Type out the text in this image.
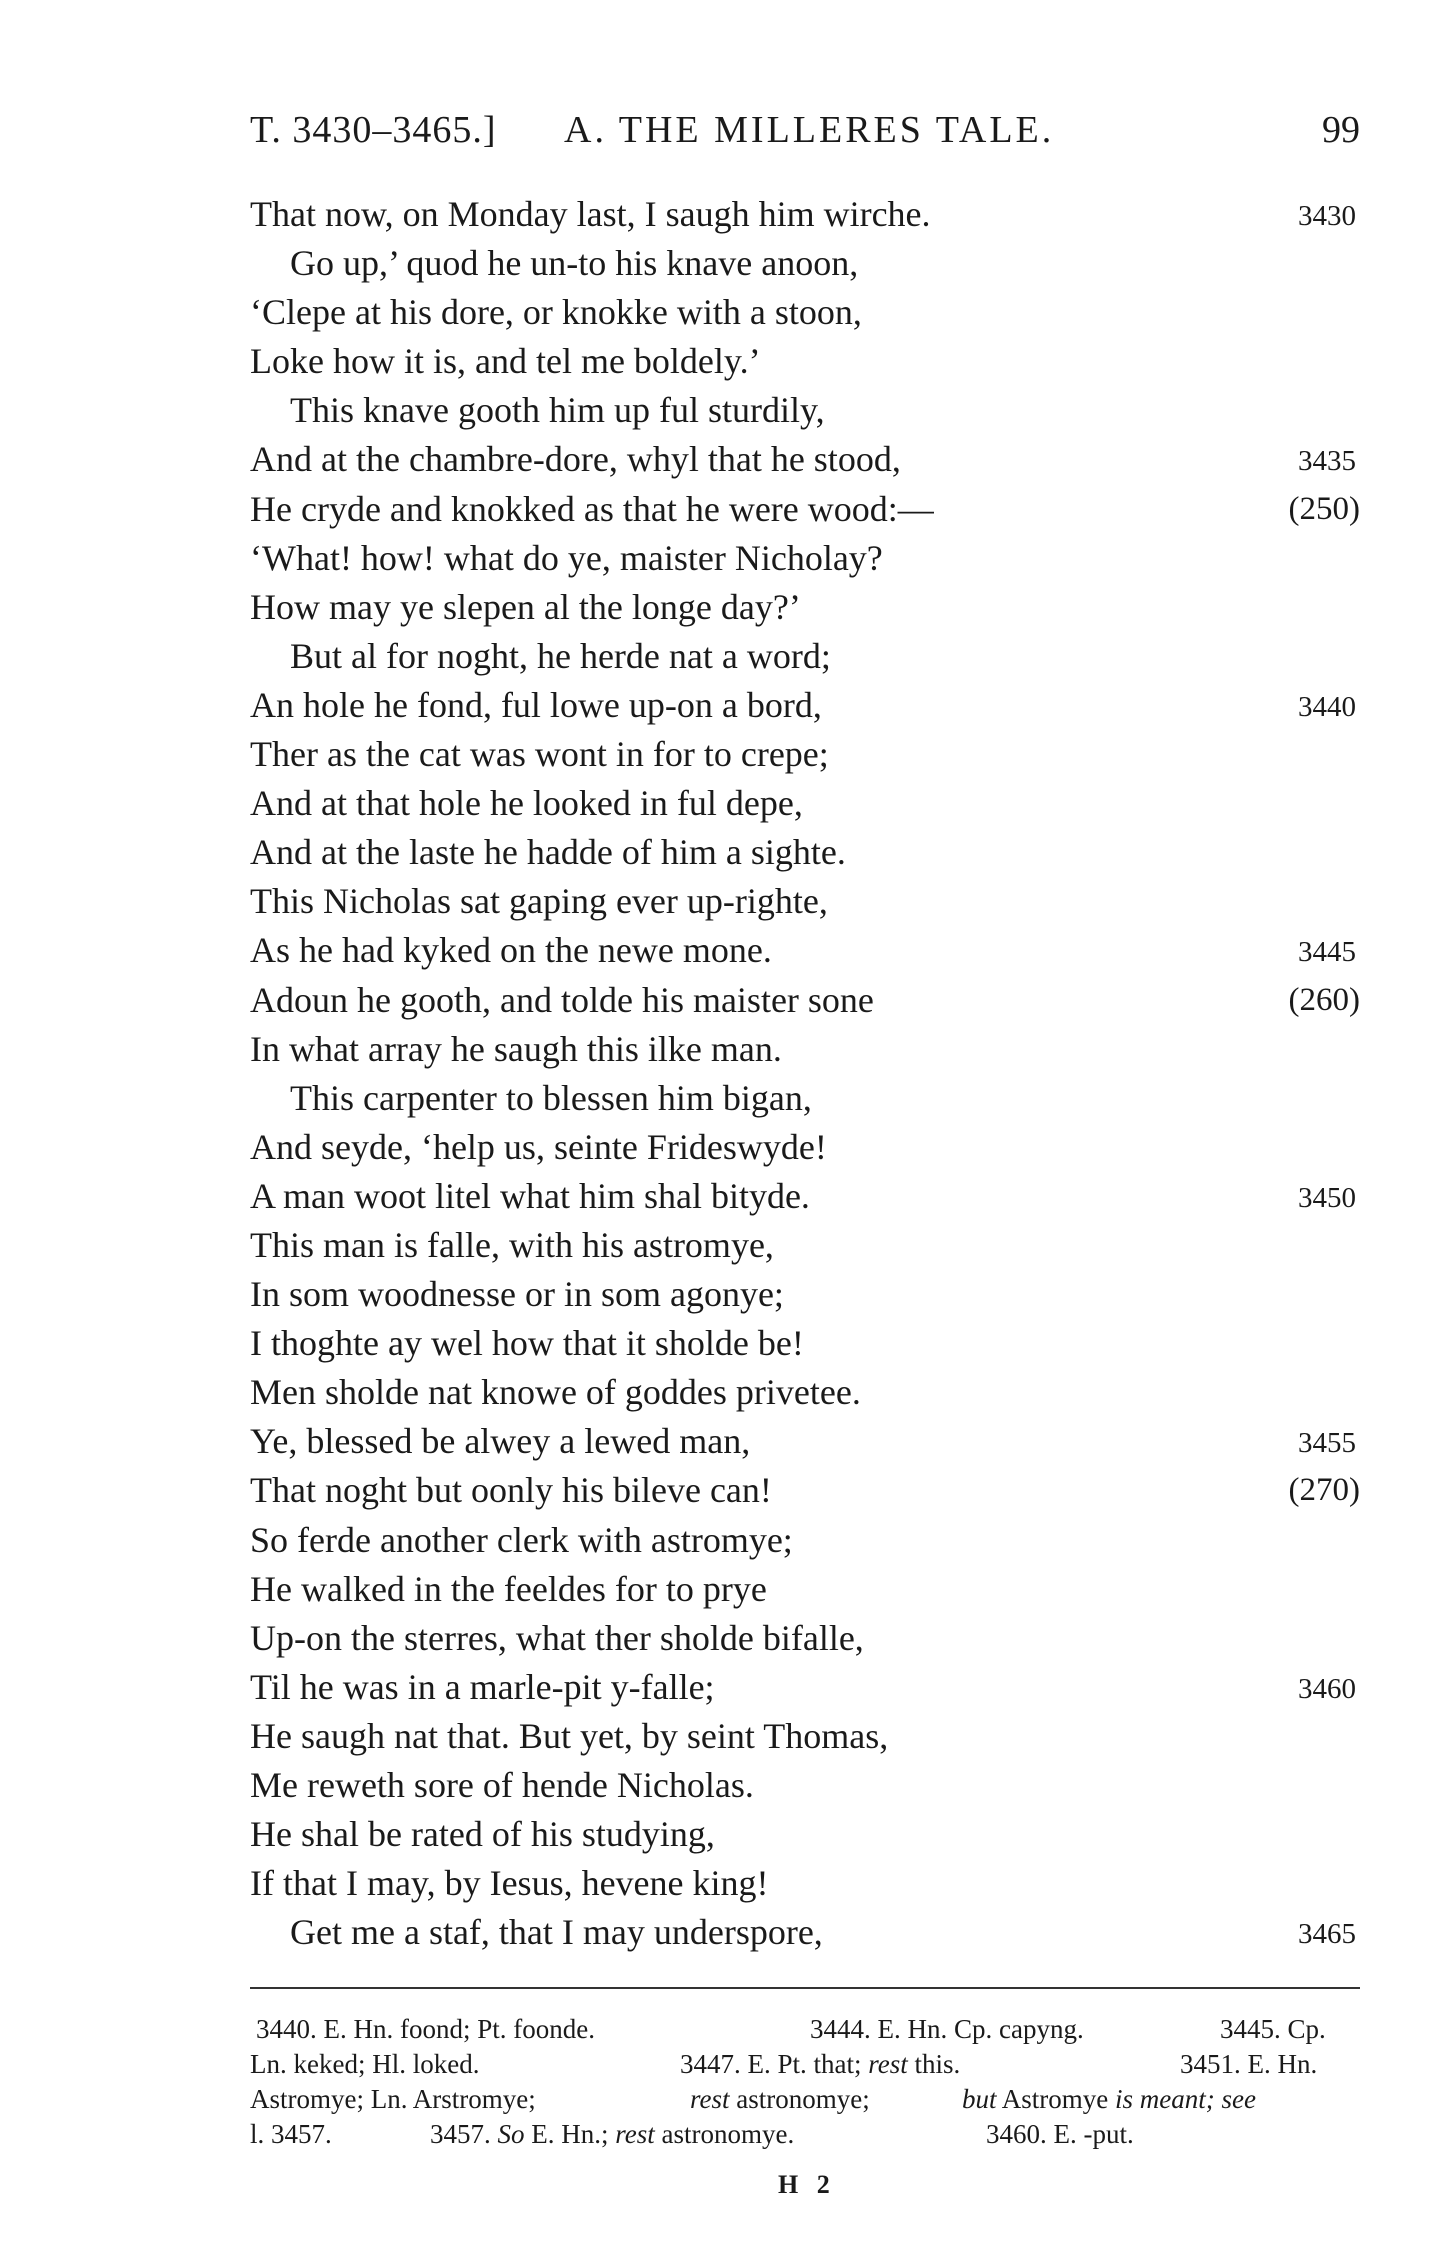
T. 3430–3465.] A. THE MILLERES TALE.	99
That now, on Monday last, I saugh him wirche.	3430
Go up,’ quod he un-to his knave anoon,
‘Clepe at his dore, or knokke with a stoon,
Loke how it is, and tel me boldely.’
This knave gooth him up ful sturdily,
And at the chambre-dore, whyl that he stood,	3435
He cryde and knokked as that he were wood:—	(250)
‘What! how! what do ye, maister Nicholay?
How may ye slepen al the longe day?’
But al for noght, he herde nat a word;
An hole he fond, ful lowe up-on a bord,	3440
Ther as the cat was wont in for to crepe;
And at that hole he looked in ful depe,
And at the laste he hadde of him a sighte.
This Nicholas sat gaping ever up-righte,
As he had kyked on the newe mone.	3445
Adoun he gooth, and tolde his maister sone	(260)
In what array he saugh this ilke man.
This carpenter to blessen him bigan,
And seyde, ‘help us, seinte Frideswyde!
A man woot litel what him shal bityde.	3450
This man is falle, with his astromye,
In som woodnesse or in som agonye;
I thoghte ay wel how that it sholde be!
Men sholde nat knowe of goddes privetee.
Ye, blessed be alwey a lewed man,	3455
That noght but oonly his bileve can!	(270)
So ferde another clerk with astromye;
He walked in the feeldes for to prye
Up-on the sterres, what ther sholde bifalle,
Til he was in a marle-pit y-falle;	3460
He saugh nat that. But yet, by seint Thomas,
Me reweth sore of hende Nicholas.
He shal be rated of his studying,
If that I may, by Iesus, hevene king!
Get me a staf, that I may underspore,	3465
3440. E. Hn. foond; Pt. foonde.	3444. E. Hn. Cp. capyng.	3445. Cp.
Ln. keked; Hl. loked.	3447. E. Pt. that; rest this.	3451. E. Hn.
Astromye; Ln. Arstromye;	rest astronomye;	but Astromye is meant; see
l. 3457.	3457. So E. Hn.; rest astronomye.	3460. E. -put.
H 2
